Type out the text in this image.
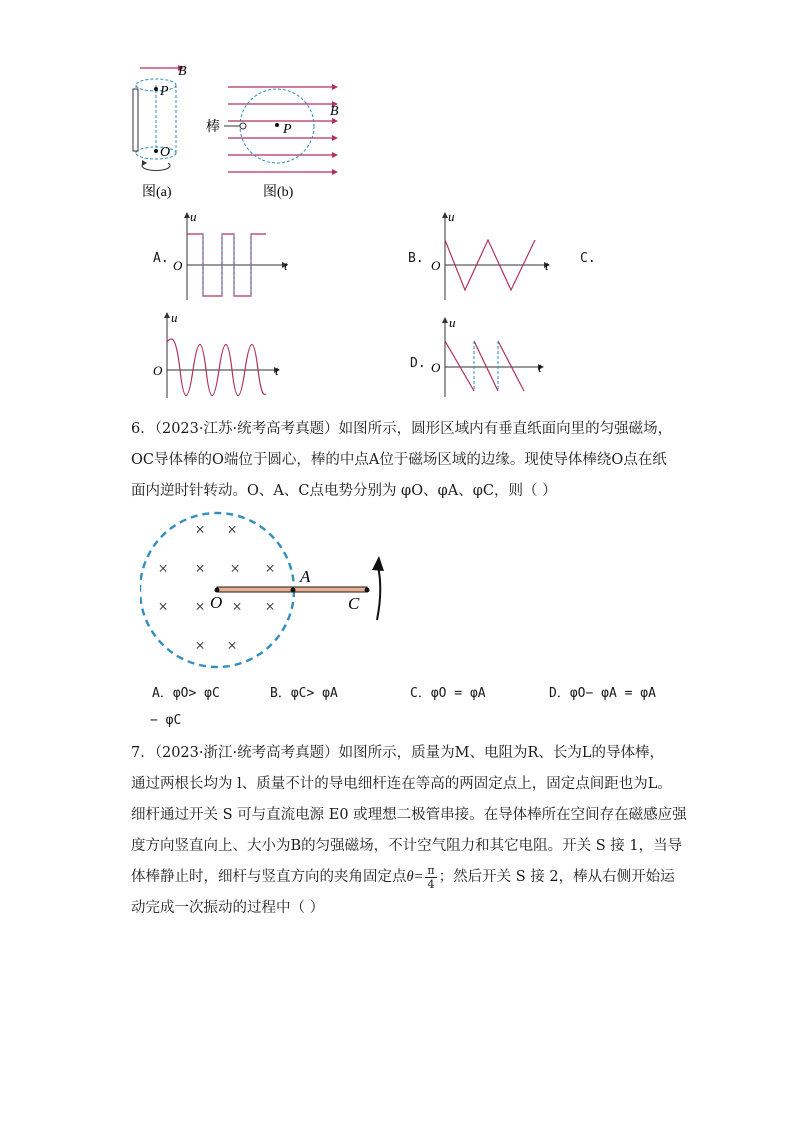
B
P
O
图(a)
B
棒	P
图(b)
A.
u
t
O	B.
u
t
O	C.
u
t
O	D.
u
t
O

6．（2023·江苏·统考高考真题）如图所示，圆形区域内有垂直纸面向里的匀强磁场，

OC导体棒的O端位于圆心，棒的中点A位于磁场区域的边缘。现使导体棒绕O点在纸

面内逆时针转动。O、A、C点电势分别为 φO、φA、φC，则（ ）

× ×
× × × ×
× × × ×
× ×
O
A
C
A．φO> φC	B．φC> φA	C．φO = φA	D．φO− φA = φA
− φC

7．（2023·浙江·统考高考真题）如图所示，质量为M、电阻为R、长为L的导体棒，

通过两根长均为 l、质量不计的导电细杆连在等高的两固定点上，固定点间距也为L。

细杆通过开关 S 可与直流电源 E0 或理想二极管串接。在导体棒所在空间存在磁感应强

度方向竖直向上、大小为B的匀强磁场，不计空气阻力和其它电阻。开关 S 接 1，当导

体棒静止时，细杆与竖直方向的夹角固定点$\theta= \frac{\pi}{4}$ ；然后开关 S 接 2，棒从右侧开始运

动完成一次振动的过程中（ ）
